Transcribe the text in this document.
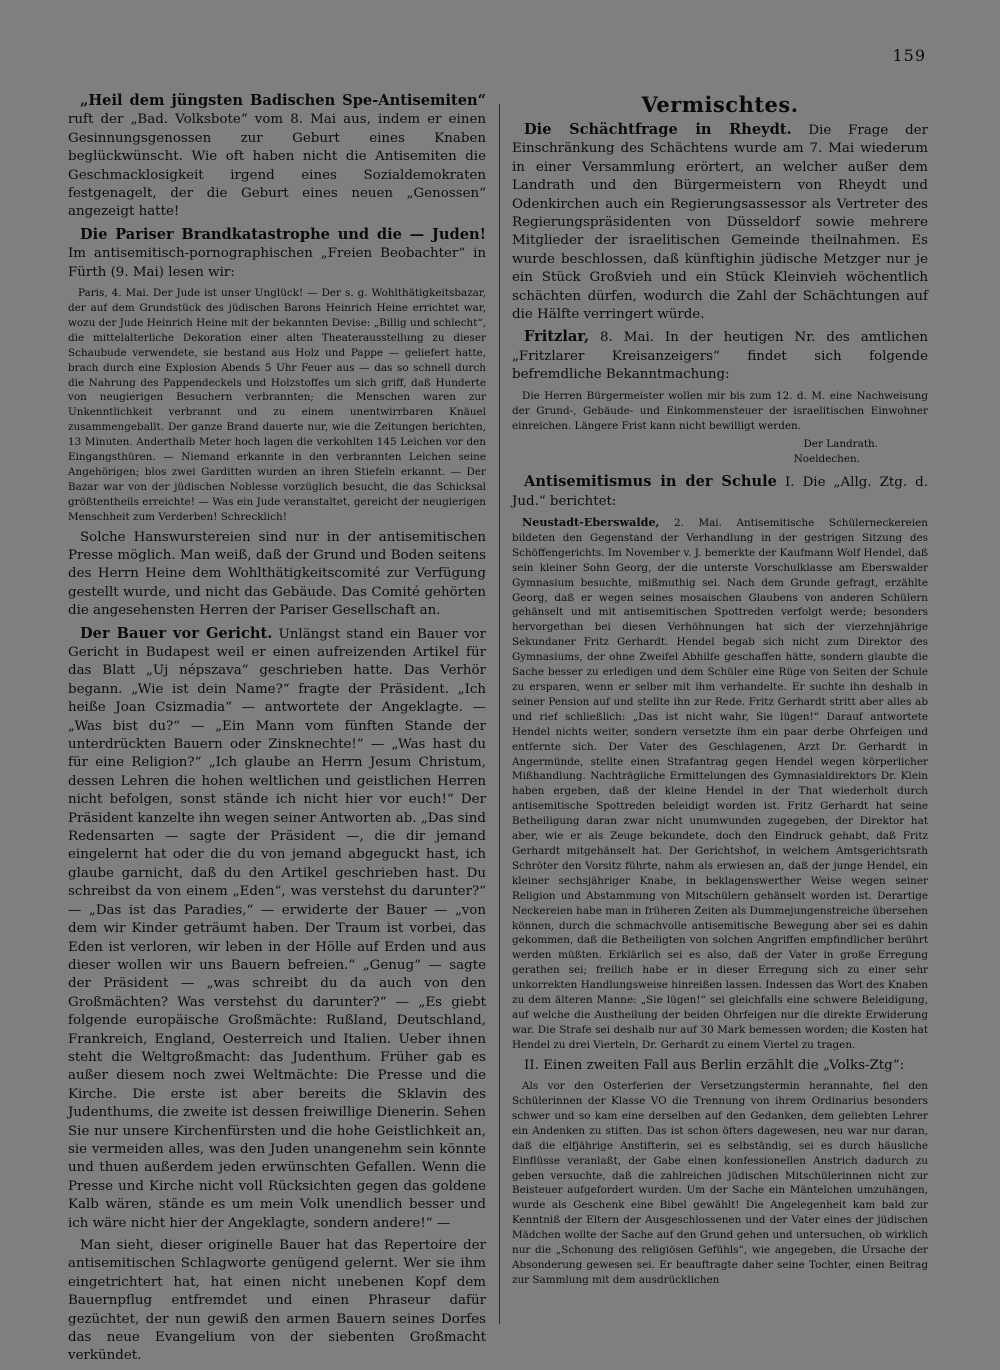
159

„Heil dem jüngsten Badischen Spe-Antisemiten“ ruft der „Bad. Volksbote“ vom 8. Mai aus, indem er einen Gesinnungsgenossen zur Geburt eines Knaben beglückwünscht. Wie oft haben nicht die Antisemiten die Geschmacklosigkeit irgend eines Sozialdemokraten festgenagelt, der die Geburt eines neuen „Genossen“ angezeigt hatte!

Die Pariser Brandkatastrophe und die — Juden! Im antisemitisch-pornographischen „Freien Beobachter“ in Fürth (9. Mai) lesen wir:

Paris, 4. Mai. Der Jude ist unser Unglück! — Der s. g. Wohlthätigkeitsbazar, der auf dem Grundstück des jüdischen Barons Heinrich Heine errichtet war, wozu der Jude Heinrich Heine mit der bekannten Devise: „Billig und schlecht“, die mittelalterliche Dekoration einer alten Theaterausstellung zu dieser Schaubude verwendete, sie bestand aus Holz und Pappe — geliefert hatte, brach durch eine Explosion Abends 5 Uhr Feuer aus — das so schnell durch die Nahrung des Pappendeckels und Holzstoffes um sich griff, daß Hunderte von neugierigen Besuchern verbrannten; die Menschen waren zur Unkenntlichkeit verbrannt und zu einem unentwirrbaren Knäuel zusammengeballt. Der ganze Brand dauerte nur, wie die Zeitungen berichten, 13 Minuten. Anderthalb Meter hoch lagen die verkohlten 145 Leichen vor den Eingangsthüren. — Niemand erkannte in den verbrannten Leichen seine Angehörigen; blos zwei Garditten wurden an ihren Stiefeln erkannt. — Der Bazar war von der jüdischen Noblesse vorzüglich besucht, die das Schicksal größtentheils erreichte! — Was ein Jude veranstaltet, gereicht der neugierigen Menschheit zum Verderben! Schrecklich!

Solche Hanswurstereien sind nur in der antisemitischen Presse möglich. Man weiß, daß der Grund und Boden seitens des Herrn Heine dem Wohlthätigkeitscomité zur Verfügung gestellt wurde, und nicht das Gebäude. Das Comité gehörten die angesehensten Herren der Pariser Gesellschaft an.

Der Bauer vor Gericht. Unlängst stand ein Bauer vor Gericht in Budapest weil er einen aufreizenden Artikel für das Blatt „Uj népszava“ geschrieben hatte. Das Verhör begann. „Wie ist dein Name?“ fragte der Präsident. „Ich heiße Joan Csizmadia“ — antwortete der Angeklagte. — „Was bist du?“ — „Ein Mann vom fünften Stande der unterdrückten Bauern oder Zinsknechte!“ — „Was hast du für eine Religion?“ „Ich glaube an Herrn Jesum Christum, dessen Lehren die hohen weltlichen und geistlichen Herren nicht befolgen, sonst stände ich nicht hier vor euch!“ Der Präsident kanzelte ihn wegen seiner Antworten ab. „Das sind Redensarten — sagte der Präsident —, die dir jemand eingelernt hat oder die du von jemand abgeguckt hast, ich glaube garnicht, daß du den Artikel geschrieben hast. Du schreibst da von einem „Eden“, was verstehst du darunter?“ — „Das ist das Paradies,“ — erwiderte der Bauer — „von dem wir Kinder geträumt haben. Der Traum ist vorbei, das Eden ist verloren, wir leben in der Hölle auf Erden und aus dieser wollen wir uns Bauern befreien.“ „Genug“ — sagte der Präsident — „was schreibt du da auch von den Großmächten? Was verstehst du darunter?“ — „Es giebt folgende europäische Großmächte: Rußland, Deutschland, Frankreich, England, Oesterreich und Italien. Ueber ihnen steht die Weltgroßmacht: das Judenthum. Früher gab es außer diesem noch zwei Weltmächte: Die Presse und die Kirche. Die erste ist aber bereits die Sklavin des Judenthums, die zweite ist dessen freiwillige Dienerin. Sehen Sie nur unsere Kirchenfürsten und die hohe Geistlichkeit an, sie vermeiden alles, was den Juden unangenehm sein könnte und thuen außerdem jeden erwünschten Gefallen. Wenn die Presse und Kirche nicht voll Rücksichten gegen das goldene Kalb wären, stände es um mein Volk unendlich besser und ich wäre nicht hier der Angeklagte, sondern andere!“ —

Man sieht, dieser originelle Bauer hat das Repertoire der antisemitischen Schlagworte genügend gelernt. Wer sie ihm eingetrichtert hat, hat einen nicht unebenen Kopf dem Bauernpflug entfremdet und einen Phraseur dafür gezüchtet, der nun gewiß den armen Bauern seines Dorfes das neue Evangelium von der siebenten Großmacht verkündet.

Vermischtes.

Die Schächtfrage in Rheydt. Die Frage der Einschränkung des Schächtens wurde am 7. Mai wiederum in einer Versammlung erörtert, an welcher außer dem Landrath und den Bürgermeistern von Rheydt und Odenkirchen auch ein Regierungsassessor als Vertreter des Regierungspräsidenten von Düsseldorf sowie mehrere Mitglieder der israelitischen Gemeinde theilnahmen. Es wurde beschlossen, daß künftighin jüdische Metzger nur je ein Stück Großvieh und ein Stück Kleinvieh wöchentlich schächten dürfen, wodurch die Zahl der Schächtungen auf die Hälfte verringert würde.

Fritzlar, 8. Mai. In der heutigen Nr. des amtlichen „Fritzlarer Kreisanzeigers“ findet sich folgende befremdliche Bekanntmachung:

Die Herren Bürgermeister wollen mir bis zum 12. d. M. eine Nachweisung der Grund-, Gebäude- und Einkommensteuer der israelitischen Einwohner einreichen. Längere Frist kann nicht bewilligt werden.

Der Landrath.

Noeldechen.

Antisemitismus in der Schule I. Die „Allg. Ztg. d. Jud.“ berichtet:

Neustadt-Eberswalde, 2. Mai. Antisemitische Schülerneckereien bildeten den Gegenstand der Verhandlung in der gestrigen Sitzung des Schöffengerichts. Im November v. J. bemerkte der Kaufmann Wolf Hendel, daß sein kleiner Sohn Georg, der die unterste Vorschulklasse am Eberswalder Gymnasium besuchte, mißmuthig sei. Nach dem Grunde gefragt, erzählte Georg, daß er wegen seines mosaischen Glaubens von anderen Schülern gehänselt und mit antisemitischen Spottreden verfolgt werde; besonders hervorgethan bei diesen Verhöhnungen hat sich der vierzehnjährige Sekundaner Fritz Gerhardt. Hendel begab sich nicht zum Direktor des Gymnasiums, der ohne Zweifel Abhilfe geschaffen hätte, sondern glaubte die Sache besser zu erledigen und dem Schüler eine Rüge von Seiten der Schule zu ersparen, wenn er selber mit ihm verhandelte. Er suchte ihn deshalb in seiner Pension auf und stellte ihn zur Rede. Fritz Gerhardt stritt aber alles ab und rief schließlich: „Das ist nicht wahr, Sie lügen!“ Darauf antwortete Hendel nichts weiter, sondern versetzte ihm ein paar derbe Ohrfeigen und entfernte sich. Der Vater des Geschlagenen, Arzt Dr. Gerhardt in Angermünde, stellte einen Strafantrag gegen Hendel wegen körperlicher Mißhandlung. Nachträgliche Ermittelungen des Gymnasialdirektors Dr. Klein haben ergeben, daß der kleine Hendel in der That wiederholt durch antisemitische Spottreden beleidigt worden ist. Fritz Gerhardt hat seine Betheiligung daran zwar nicht unumwunden zugegeben, der Direktor hat aber, wie er als Zeuge bekundete, doch den Eindruck gehabt, daß Fritz Gerhardt mitgehänselt hat. Der Gerichtshof, in welchem Amtsgerichtsrath Schröter den Vorsitz führte, nahm als erwiesen an, daß der junge Hendel, ein kleiner sechsjähriger Knabe, in beklagenswerther Weise wegen seiner Religion und Abstammung von Mitschülern gehänselt worden ist. Derartige Neckereien habe man in früheren Zeiten als Dummejungenstreiche übersehen können, durch die schmachvolle antisemitische Bewegung aber sei es dahin gekommen, daß die Betheiligten von solchen Angriffen empfindlicher berührt werden müßten. Erklärlich sei es also, daß der Vater in große Erregung gerathen sei; freilich habe er in dieser Erregung sich zu einer sehr unkorrekten Handlungsweise hinreißen lassen. Indessen das Wort des Knaben zu dem älteren Manne: „Sie lügen!“ sei gleichfalls eine schwere Beleidigung, auf welche die Austheilung der beiden Ohrfeigen nur die direkte Erwiderung war. Die Strafe sei deshalb nur auf 30 Mark bemessen worden; die Kosten hat Hendel zu drei Vierteln, Dr. Gerhardt zu einem Viertel zu tragen.

II. Einen zweiten Fall aus Berlin erzählt die „Volks-Ztg“:

Als vor den Osterferien der Versetzungstermin herannahte, fiel den Schülerinnen der Klasse VO die Trennung von ihrem Ordinarius besonders schwer und so kam eine derselben auf den Gedanken, dem geliebten Lehrer ein Andenken zu stiften. Das ist schon öfters dagewesen, neu war nur daran, daß die elfjährige Anstifterin, sei es selbständig, sei es durch häusliche Einflüsse veranlaßt, der Gabe einen konfessionellen Anstrich dadurch zu geben versuchte, daß die zahlreichen jüdischen Mitschülerinnen nicht zur Beisteuer aufgefordert wurden. Um der Sache ein Mäntelchen umzuhängen, wurde als Geschenk eine Bibel gewählt! Die Angelegenheit kam bald zur Kenntniß der Eltern der Ausgeschlossenen und der Vater eines der jüdischen Mädchen wollte der Sache auf den Grund gehen und untersuchen, ob wirklich nur die „Schonung des religiösen Gefühls“, wie angegeben, die Ursache der Absonderung gewesen sei. Er beauftragte daher seine Tochter, einen Beitrag zur Sammlung mit dem ausdrücklichen
